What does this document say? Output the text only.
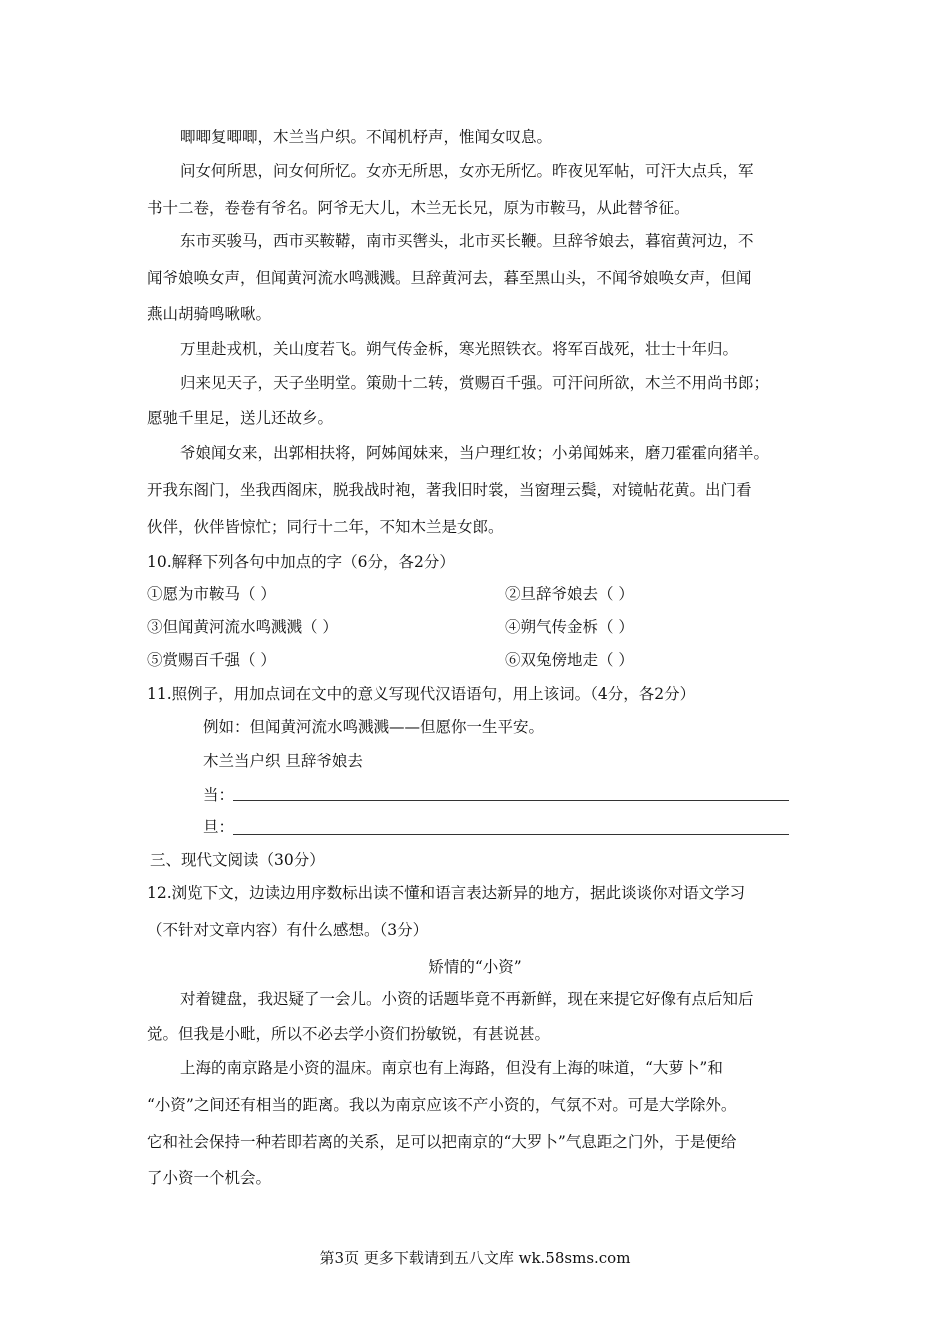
唧唧复唧唧，木兰当户织。不闻机杼声，惟闻女叹息。
问女何所思，问女何所忆。女亦无所思，女亦无所忆。昨夜见军帖，可汗大点兵，军
书十二卷，卷卷有爷名。阿爷无大儿，木兰无长兄，原为市鞍马，从此替爷征。
东市买骏马，西市买鞍鞯，南市买辔头，北市买长鞭。旦辞爷娘去，暮宿黄河边，不
闻爷娘唤女声，但闻黄河流水鸣溅溅。旦辞黄河去，暮至黑山头，不闻爷娘唤女声，但闻
燕山胡骑鸣啾啾。
万里赴戎机，关山度若飞。朔气传金柝，寒光照铁衣。将军百战死，壮士十年归。
归来见天子，天子坐明堂。策勋十二转，赏赐百千强。可汗问所欲，木兰不用尚书郎；
愿驰千里足，送儿还故乡。
爷娘闻女来，出郭相扶将，阿姊闻妹来，当户理红妆；小弟闻姊来，磨刀霍霍向猪羊。
开我东阁门，坐我西阁床，脱我战时袍，著我旧时裳，当窗理云鬓，对镜帖花黄。出门看
伙伴，伙伴皆惊忙；同行十二年，不知木兰是女郎。
10.解释下列各句中加点的字（6分，各2分）
①愿为市鞍马（ ）	②旦辞爷娘去（ ）
③但闻黄河流水鸣溅溅（ ）	④朔气传金柝（ ）
⑤赏赐百千强（ ）	⑥双兔傍地走（ ）
11.照例子，用加点词在文中的意义写现代汉语语句，用上该词。（4分，各2分）
例如：但闻黄河流水鸣溅溅——但愿你一生平安。
木兰当户织 旦辞爷娘去
当：
旦：
三、现代文阅读（30分）
12.浏览下文，边读边用序数标出读不懂和语言表达新异的地方，据此谈谈你对语文学习
（不针对文章内容）有什么感想。（3分）
矫情的“小资”
对着键盘，我迟疑了一会儿。小资的话题毕竟不再新鲜，现在来提它好像有点后知后
觉。但我是小毗，所以不必去学小资们扮敏锐，有甚说甚。
上海的南京路是小资的温床。南京也有上海路，但没有上海的味道，“大萝卜”和
“小资”之间还有相当的距离。我以为南京应该不产小资的，气氛不对。可是大学除外。
它和社会保持一种若即若离的关系，足可以把南京的“大罗卜”气息距之门外，于是便给
了小资一个机会。
第3页 更多下载请到五八文库 wk.58sms.com
